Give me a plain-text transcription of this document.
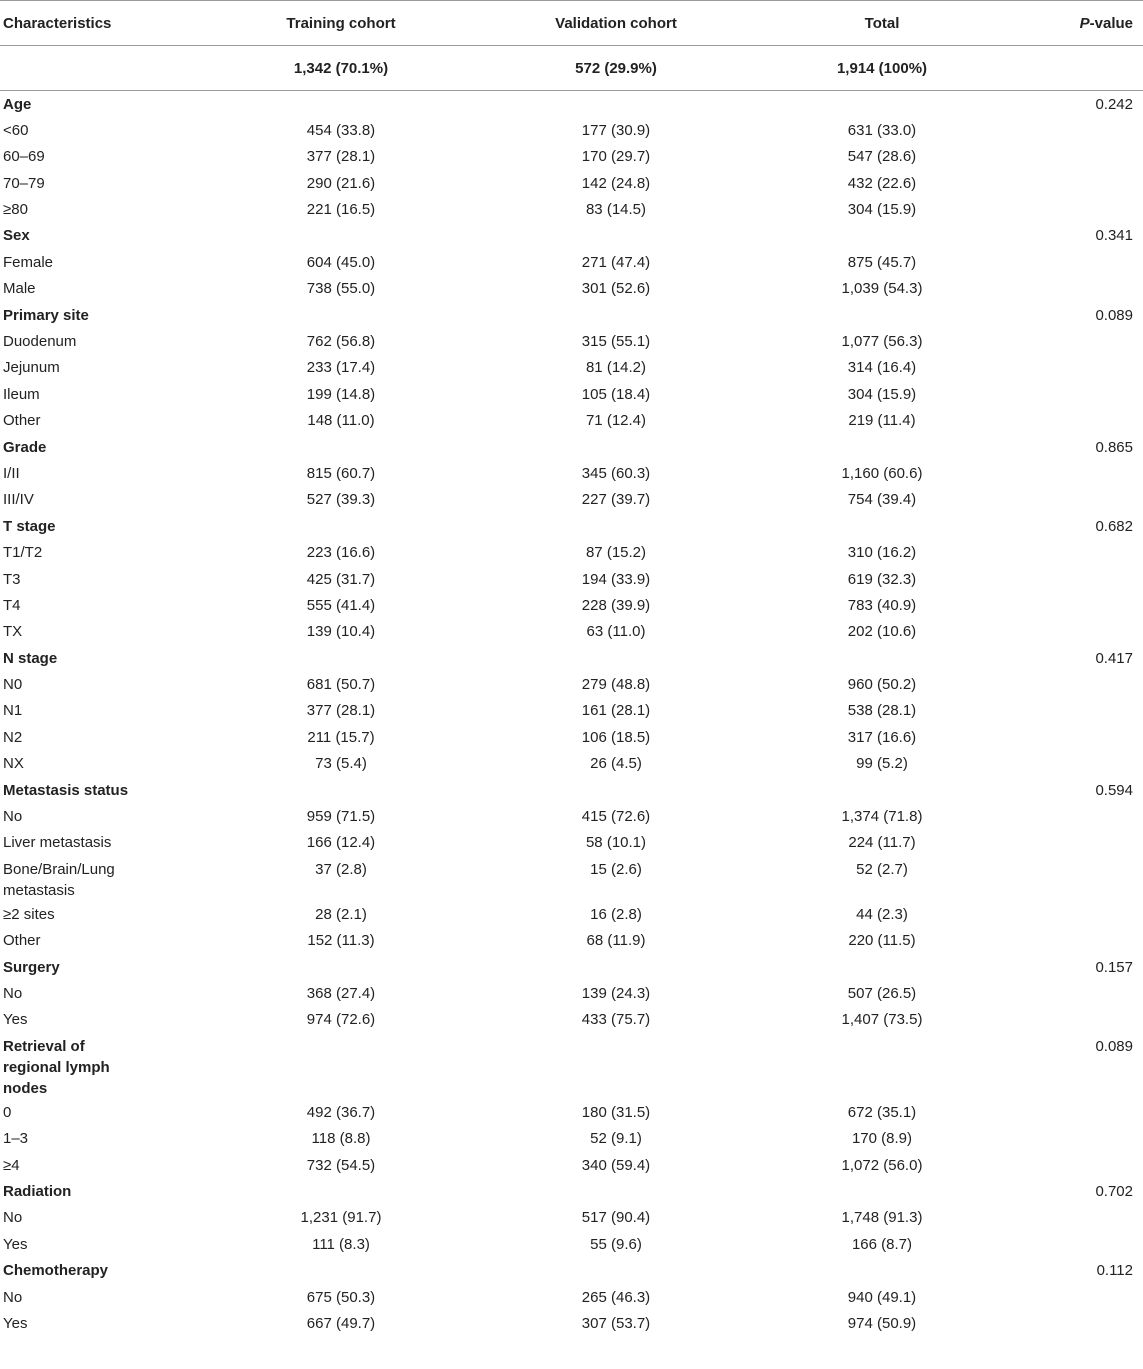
Characteristics	Training cohort	Validation cohort	Total	P-value
	1,342 (70.1%)	572 (29.9%)	1,914 (100%)	
Age				0.242
<60	454 (33.8)	177 (30.9)	631 (33.0)	
60–69	377 (28.1)	170 (29.7)	547 (28.6)	
70–79	290 (21.6)	142 (24.8)	432 (22.6)	
≥80	221 (16.5)	83 (14.5)	304 (15.9)	
Sex				0.341
Female	604 (45.0)	271 (47.4)	875 (45.7)	
Male	738 (55.0)	301 (52.6)	1,039 (54.3)	
Primary site				0.089
Duodenum	762 (56.8)	315 (55.1)	1,077 (56.3)	
Jejunum	233 (17.4)	81 (14.2)	314 (16.4)	
Ileum	199 (14.8)	105 (18.4)	304 (15.9)	
Other	148 (11.0)	71 (12.4)	219 (11.4)	
Grade				0.865
I/II	815 (60.7)	345 (60.3)	1,160 (60.6)	
III/IV	527 (39.3)	227 (39.7)	754 (39.4)	
T stage				0.682
T1/T2	223 (16.6)	87 (15.2)	310 (16.2)	
T3	425 (31.7)	194 (33.9)	619 (32.3)	
T4	555 (41.4)	228 (39.9)	783 (40.9)	
TX	139 (10.4)	63 (11.0)	202 (10.6)	
N stage				0.417
N0	681 (50.7)	279 (48.8)	960 (50.2)	
N1	377 (28.1)	161 (28.1)	538 (28.1)	
N2	211 (15.7)	106 (18.5)	317 (16.6)	
NX	73 (5.4)	26 (4.5)	99 (5.2)	
Metastasis status				0.594
No	959 (71.5)	415 (72.6)	1,374 (71.8)	
Liver metastasis	166 (12.4)	58 (10.1)	224 (11.7)	
Bone/Brain/Lung metastasis	37 (2.8)	15 (2.6)	52 (2.7)	
≥2 sites	28 (2.1)	16 (2.8)	44 (2.3)	
Other	152 (11.3)	68 (11.9)	220 (11.5)	
Surgery				0.157
No	368 (27.4)	139 (24.3)	507 (26.5)	
Yes	974 (72.6)	433 (75.7)	1,407 (73.5)	
Retrieval of regional lymph nodes				0.089
0	492 (36.7)	180 (31.5)	672 (35.1)	
1–3	118 (8.8)	52 (9.1)	170 (8.9)	
≥4	732 (54.5)	340 (59.4)	1,072 (56.0)	
Radiation				0.702
No	1,231 (91.7)	517 (90.4)	1,748 (91.3)	
Yes	111 (8.3)	55 (9.6)	166 (8.7)	
Chemotherapy				0.112
No	675 (50.3)	265 (46.3)	940 (49.1)	
Yes	667 (49.7)	307 (53.7)	974 (50.9)	
